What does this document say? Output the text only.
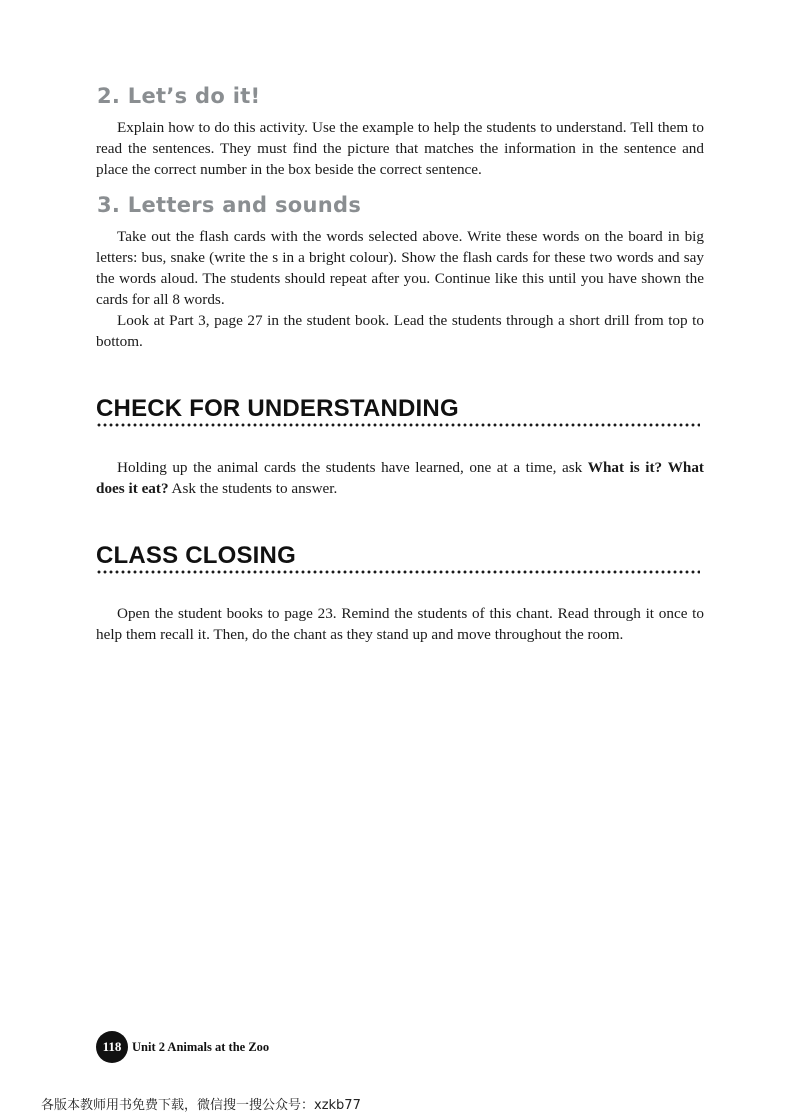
2. Let’s do it!

Explain how to do this activity. Use the example to help the students to understand. Tell them to read the sentences. They must find the picture that matches the information in the sentence and place the correct number in the box beside the correct sentence.

3. Letters and sounds

Take out the flash cards with the words selected above. Write these words on the board in big letters: bus, snake (write the s in a bright colour). Show the flash cards for these two words and say the words aloud. The students should repeat after you. Continue like this until you have shown the cards for all 8 words.

Look at Part 3, page 27 in the student book. Lead the students through a short drill from top to bottom.

CHECK FOR UNDERSTANDING

Holding up the animal cards the students have learned, one at a time, ask What is it? What does it eat? Ask the students to answer.

CLASS CLOSING

Open the student books to page 23. Remind the students of this chant. Read through it once to help them recall it. Then, do the chant as they stand up and move throughout the room.

118 Unit 2 Animals at the Zoo
各版本教师用书免费下载，微信搜一搜公众号：xzkb77
